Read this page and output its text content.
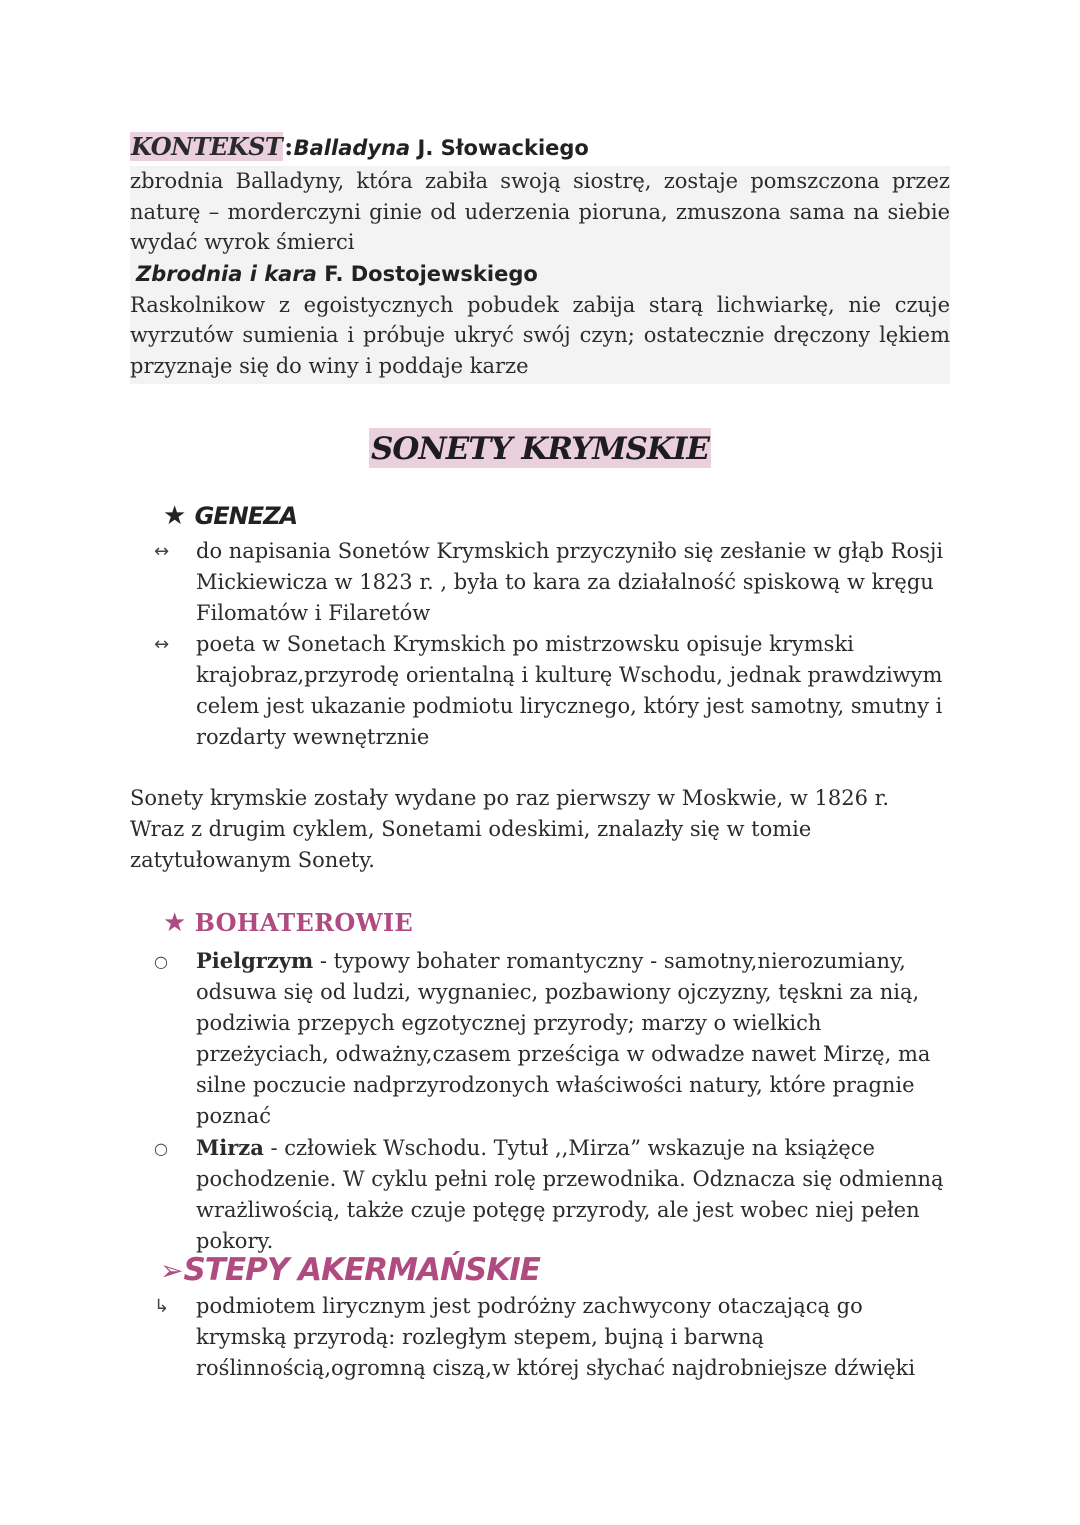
KONTEKST:Balladyna J. Słowackiego

zbrodnia Balladyny, która zabiła swoją siostrę, zostaje pomszczona przez

naturę – morderczyni ginie od uderzenia pioruna, zmuszona sama na siebie

wydać wyrok śmierci

Zbrodnia i kara F. Dostojewskiego

Raskolnikow z egoistycznych pobudek zabija starą lichwiarkę, nie czuje

wyrzutów sumienia i próbuje ukryć swój czyn; ostatecznie dręczony lękiem

przyznaje się do winy i poddaje karze

SONETY KRYMSKIE
★ GENEZA
↔ do napisania Sonetów Krymskich przyczyniło się zesłanie w głąb Rosji Mickiewicza w 1823 r. , była to kara za działalność spiskową w kręgu Filomatów i Filaretów
↔ poeta w Sonetach Krymskich po mistrzowsku opisuje krymski krajobraz,przyrodę orientalną i kulturę Wschodu, jednak prawdziwym celem jest ukazanie podmiotu lirycznego, który jest samotny, smutny i rozdarty wewnętrznie
Sonety krymskie zostały wydane po raz pierwszy w Moskwie, w 1826 r. Wraz z drugim cyklem, Sonetami odeskimi, znalazły się w tomie zatytułowanym Sonety.
★ BOHATEROWIE
○ Pielgrzym - typowy bohater romantyczny - samotny,nierozumiany, odsuwa się od ludzi, wygnaniec, pozbawiony ojczyzny, tęskni za nią, podziwia przepych egzotycznej przyrody; marzy o wielkich przeżyciach, odważny,czasem prześciga w odwadze nawet Mirzę, ma silne poczucie nadprzyrodzonych właściwości natury, które pragnie poznać
○ Mirza - człowiek Wschodu. Tytuł ,,Mirza” wskazuje na książęce pochodzenie. W cyklu pełni rolę przewodnika. Odznacza się odmienną wrażliwością, także czuje potęgę przyrody, ale jest wobec niej pełen pokory.
➢STEPY AKERMAŃSKIE
↳ podmiotem lirycznym jest podróżny zachwycony otaczającą go krymską przyrodą: rozległym stepem, bujną i barwną roślinnością,ogromną ciszą,w której słychać najdrobniejsze dźwięki
